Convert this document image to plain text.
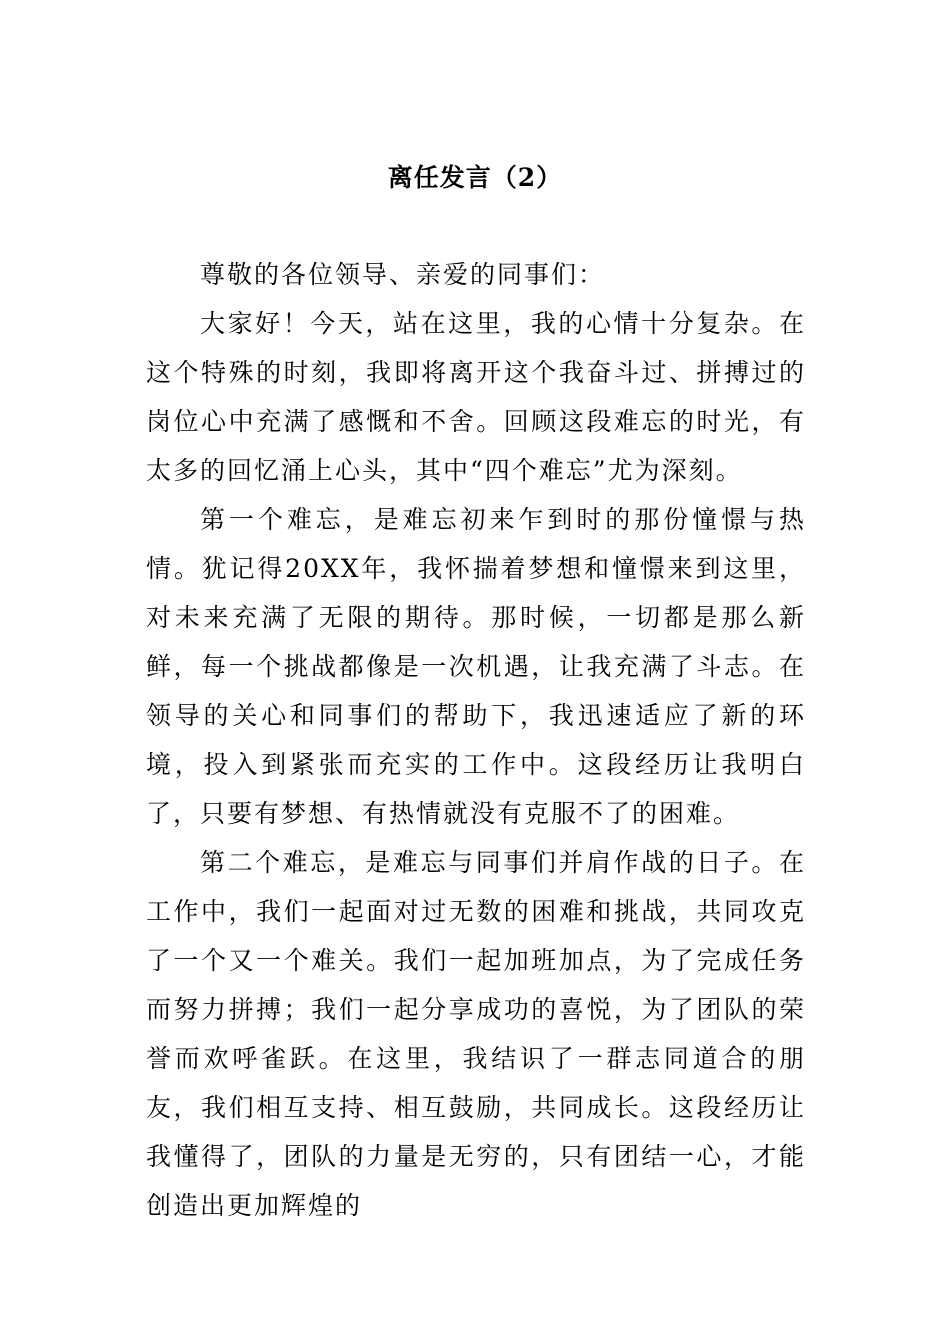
离任发言（2）

尊敬的各位领导、亲爱的同事们：

大家好！今天，站在这里，我的心情十分复杂。在这个特殊的时刻，我即将离开这个我奋斗过、拼搏过的岗位心中充满了感慨和不舍。回顾这段难忘的时光，有太多的回忆涌上心头，其中“四个难忘”尤为深刻。

第一个难忘，是难忘初来乍到时的那份憧憬与热情。犹记得20XX年，我怀揣着梦想和憧憬来到这里，对未来充满了无限的期待。那时候，一切都是那么新鲜，每一个挑战都像是一次机遇，让我充满了斗志。在领导的关心和同事们的帮助下，我迅速适应了新的环境，投入到紧张而充实的工作中。这段经历让我明白了，只要有梦想、有热情就没有克服不了的困难。

第二个难忘，是难忘与同事们并肩作战的日子。在工作中，我们一起面对过无数的困难和挑战，共同攻克了一个又一个难关。我们一起加班加点，为了完成任务而努力拼搏；我们一起分享成功的喜悦，为了团队的荣誉而欢呼雀跃。在这里，我结识了一群志同道合的朋友，我们相互支持、相互鼓励，共同成长。这段经历让我懂得了，团队的力量是无穷的，只有团结一心，才能创造出更加辉煌的
